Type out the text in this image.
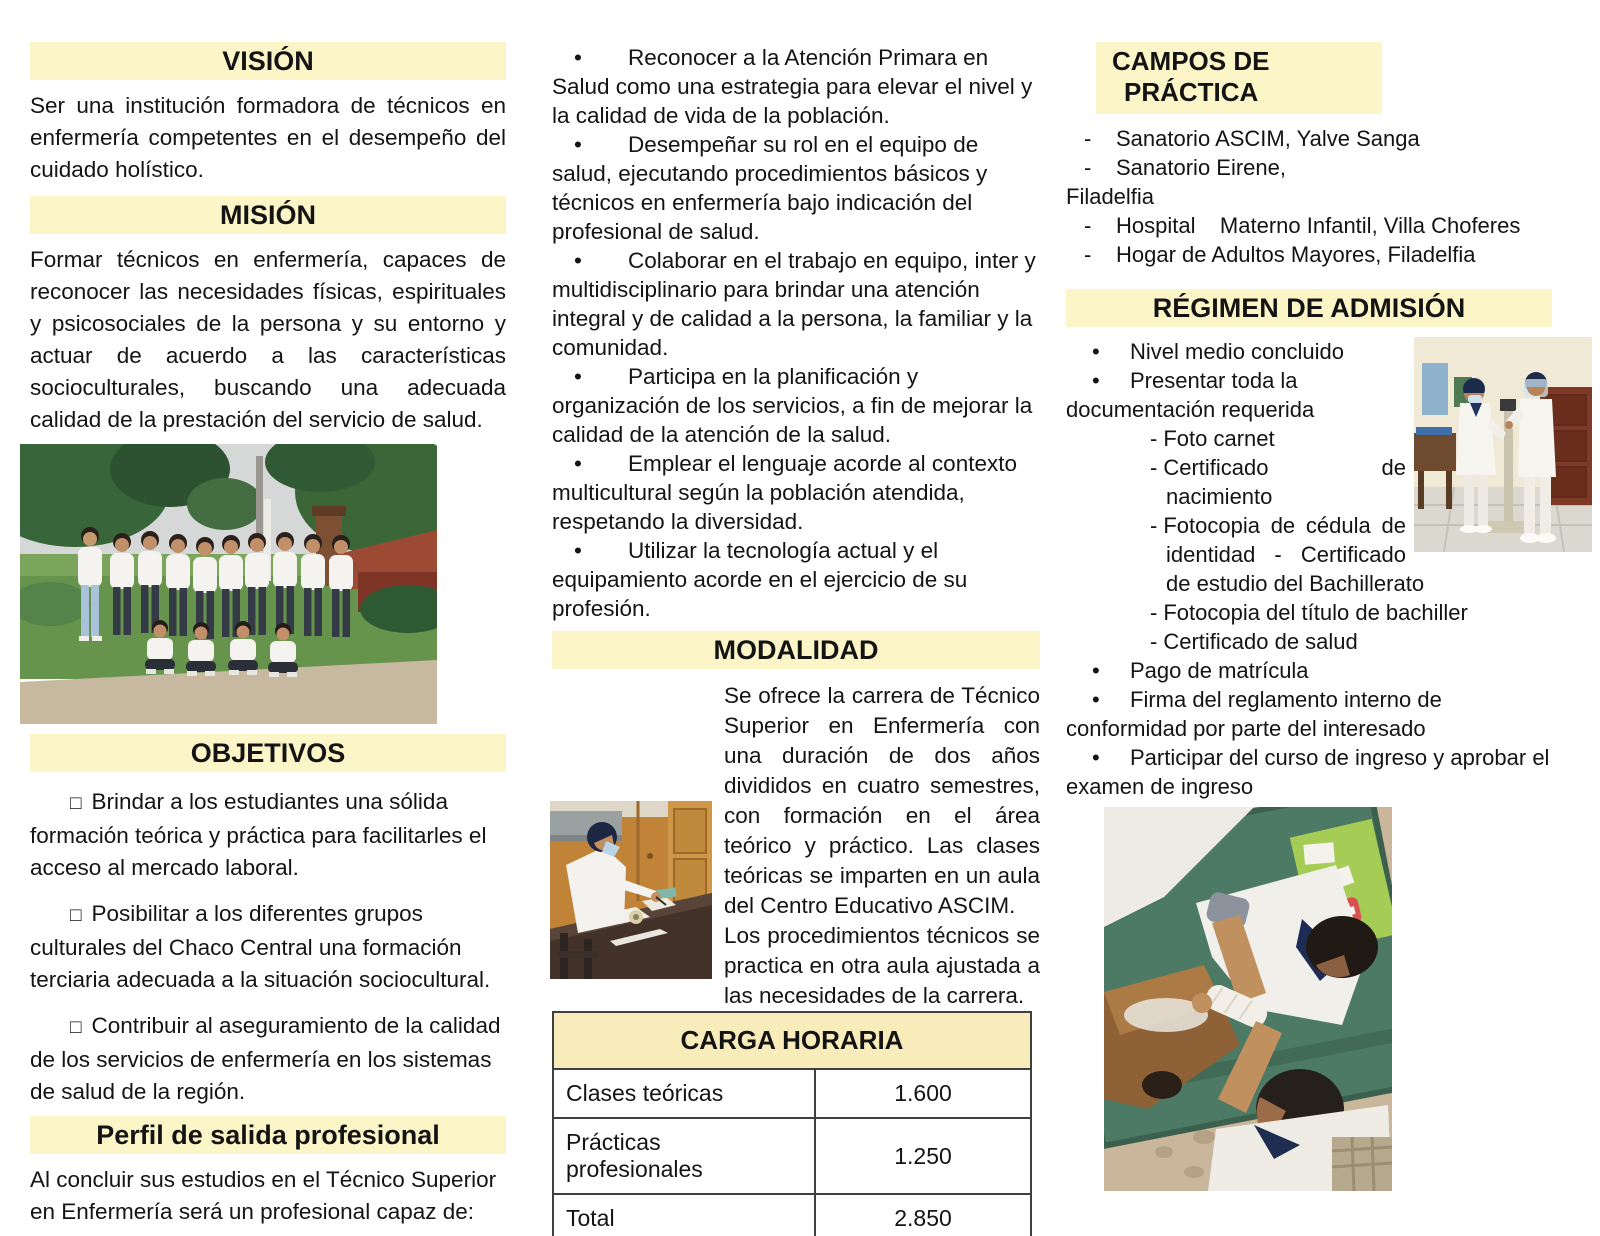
VISIÓN

Ser una institución formadora de técnicos en enfermería competentes en el desempeño del cuidado holístico.

MISIÓN

Formar técnicos en enfermería, capaces de reconocer las necesidades físicas, espirituales y psicosociales de la persona y su entorno y actuar de acuerdo a las características socioculturales, buscando una adecuada calidad de la prestación del servicio de salud.

OBJETIVOS

□ Brindar a los estudiantes una sólida formación teórica y práctica para facilitarles el acceso al mercado laboral.

□ Posibilitar a los diferentes grupos culturales del Chaco Central una formación terciaria adecuada a la situación sociocultural.

□ Contribuir al aseguramiento de la calidad de los servicios de enfermería en los sistemas de salud de la región.

Perfil de salida profesional

Al concluir sus estudios en el Técnico Superior en Enfermería será un profesional capaz de:

• Reconocer a la Atención Primara en Salud como una estrategia para elevar el nivel y la calidad de vida de la población.

• Desempeñar su rol en el equipo de salud, ejecutando procedimientos básicos y técnicos en enfermería bajo indicación del profesional de salud.

• Colaborar en el trabajo en equipo, inter y multidisciplinario para brindar una atención integral y de calidad a la persona, la familiar y la comunidad.

• Participa en la planificación y organización de los servicios, a fin de mejorar la calidad de la atención de la salud.

• Emplear el lenguaje acorde al contexto multicultural según la población atendida, respetando la diversidad.

• Utilizar la tecnología actual y el equipamiento acorde en el ejercicio de su profesión.

MODALIDAD

Se ofrece la carrera de Técnico Superior en Enfermería con una duración de dos años divididos en cuatro semestres, con formación en el área teórico y práctico. Las clases teóricas se imparten en un aula del Centro Educativo ASCIM.

Los procedimientos técnicos se practica en otra aula ajustada a las necesidades de la carrera.

CARGA HORARIA	
Clases teóricas	1.600
Prácticas profesionales	1.250
Total	2.850
CAMPOS DE
PRÁCTICA

- Sanatorio ASCIM, Yalve Sanga

- Sanatorio Eirene,

Filadelfia

- Hospital    Materno Infantil, Villa Choferes

- Hogar de Adultos Mayores, Filadelfia

RÉGIMEN DE ADMISIÓN

• Nivel medio concluido

• Presentar toda la documentación requerida

- Foto carnet

- Certificado de nacimiento

- Fotocopia de cédula de identidad - Certificado de estudio del Bachillerato

- Fotocopia del título de bachiller

- Certificado de salud

• Pago de matrícula

• Firma del reglamento interno de conformidad por parte del interesado

• Participar del curso de ingreso y aprobar el examen de ingreso
